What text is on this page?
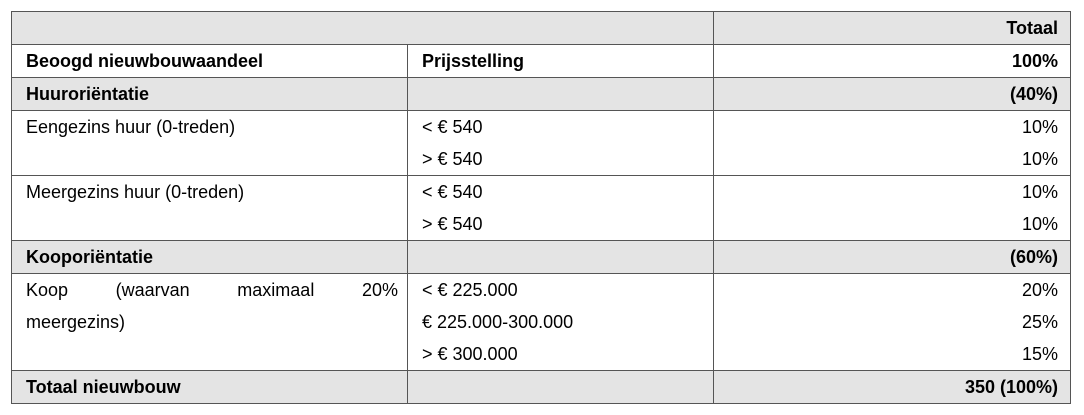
		Totaal
Beoogd nieuwbouwaandeel	Prijsstelling	100%
Huuroriëntatie		(40%)
Eengezins huur (0-treden)	< € 540	10%
	> € 540	10%
Meergezins huur (0-treden)	< € 540	10%
	> € 540	10%
Kooporiëntatie		(60%)

Koop (waarvan maximaal 20%	< € 225.000	20%
meergezins)	€ 225.000-300.000	25%
	> € 300.000	15%
Totaal nieuwbouw		350 (100%)
